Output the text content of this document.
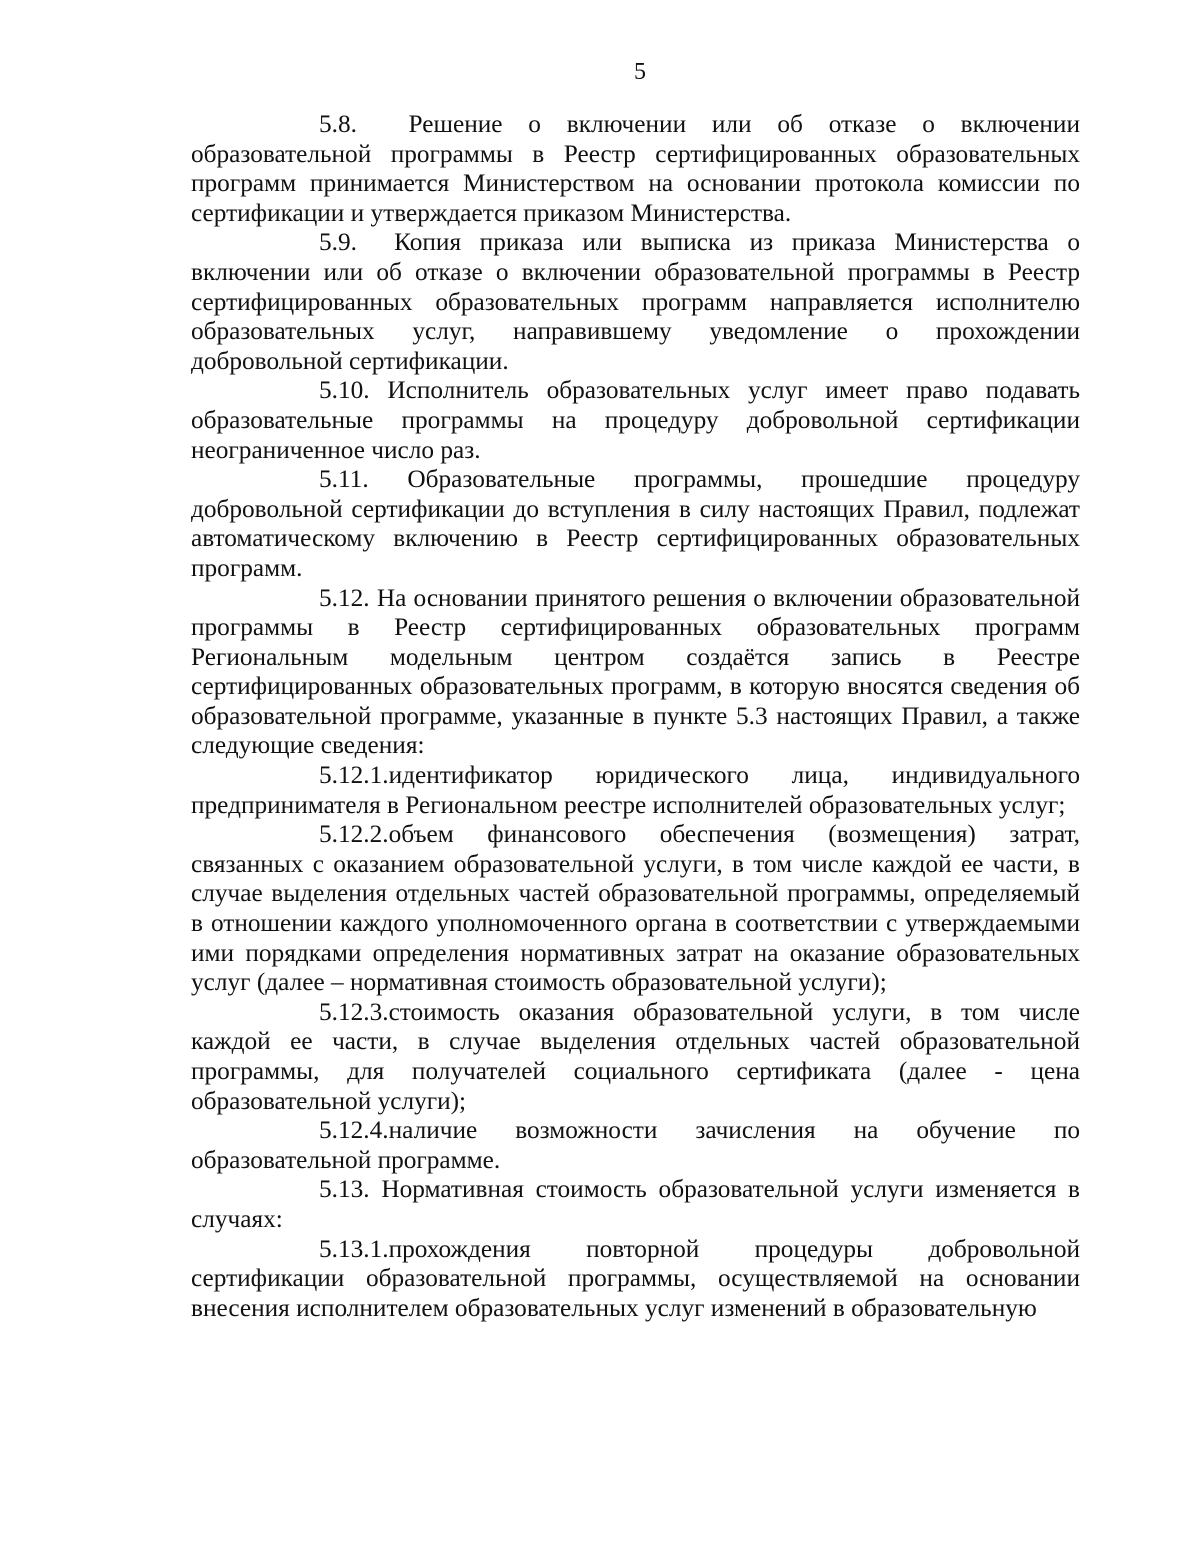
5

5.8. Решение о включении или об отказе о включении образовательной программы в Реестр сертифицированных образовательных программ принимается Министерством на основании протокола комиссии по сертификации и утверждается приказом Министерства.

5.9. Копия приказа или выписка из приказа Министерства о включении или об отказе о включении образовательной программы в Реестр сертифицированных образовательных программ направляется исполнителю образовательных услуг, направившему уведомление о прохождении добровольной сертификации.

5.10. Исполнитель образовательных услуг имеет право подавать образовательные программы на процедуру добровольной сертификации неограниченное число раз.

5.11. Образовательные программы, прошедшие процедуру добровольной сертификации до вступления в силу настоящих Правил, подлежат автоматическому включению в Реестр сертифицированных образовательных программ.

5.12. На основании принятого решения о включении образовательной программы в Реестр сертифицированных образовательных программ Региональным модельным центром создаётся запись в Реестре сертифицированных образовательных программ, в которую вносятся сведения об образовательной программе, указанные в пункте 5.3 настоящих Правил, а также следующие сведения:

5.12.1.идентификатор юридического лица, индивидуального предпринимателя в Региональном реестре исполнителей образовательных услуг;

5.12.2.объем финансового обеспечения (возмещения) затрат, связанных с оказанием образовательной услуги, в том числе каждой ее части, в случае выделения отдельных частей образовательной программы, определяемый в отношении каждого уполномоченного органа в соответствии с утверждаемыми ими порядками определения нормативных затрат на оказание образовательных услуг (далее – нормативная стоимость образовательной услуги);

5.12.3.стоимость оказания образовательной услуги, в том числе каждой ее части, в случае выделения отдельных частей образовательной программы, для получателей социального сертификата (далее - цена образовательной услуги);

5.12.4.наличие возможности зачисления на обучение по образовательной программе.

5.13. Нормативная стоимость образовательной услуги изменяется в случаях:

5.13.1.прохождения повторной процедуры добровольной сертификации образовательной программы, осуществляемой на основании внесения исполнителем образовательных услуг изменений в образовательную
